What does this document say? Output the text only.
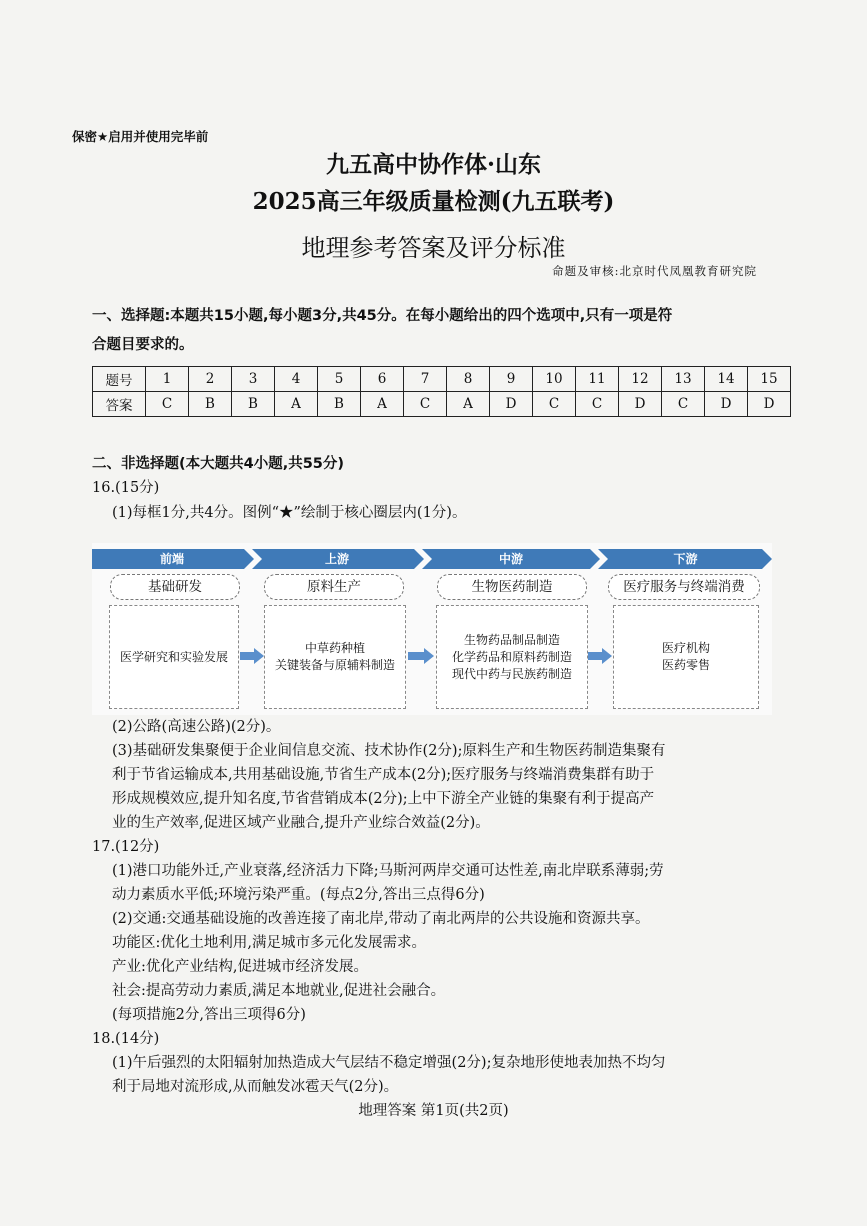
保密★启用并使用完毕前
九五高中协作体·山东
2025高三年级质量检测(九五联考)
地理参考答案及评分标准
命题及审核:北京时代凤凰教育研究院
一、选择题:本题共15小题,每小题3分,共45分。在每小题给出的四个选项中,只有一项是符
合题目要求的。
题号	1	2	3	4	5	6	7	8	9	10	11	12	13	14	15
答案	C	B	B	A	B	A	C	A	D	C	C	D	C	D	D
二、非选择题(本大题共4小题,共55分)
16.(15分)
(1)每框1分,共4分。图例“★”绘制于核心圈层内(1分)。
前端	上游	中游	下游
基础研发	原料生产	生物医药制造	医疗服务与终端消费
医学研究和实验发展
中草药种植
关键装备与原辅料制造
生物药品制品制造
化学药品和原料药制造
现代中药与民族药制造
医疗机构
医药零售
(2)公路(高速公路)(2分)。
(3)基础研发集聚便于企业间信息交流、技术协作(2分);原料生产和生物医药制造集聚有
利于节省运输成本,共用基础设施,节省生产成本(2分);医疗服务与终端消费集群有助于
形成规模效应,提升知名度,节省营销成本(2分);上中下游全产业链的集聚有利于提高产
业的生产效率,促进区域产业融合,提升产业综合效益(2分)。
17.(12分)
(1)港口功能外迁,产业衰落,经济活力下降;马斯河两岸交通可达性差,南北岸联系薄弱;劳
动力素质水平低;环境污染严重。(每点2分,答出三点得6分)
(2)交通:交通基础设施的改善连接了南北岸,带动了南北两岸的公共设施和资源共享。
功能区:优化土地利用,满足城市多元化发展需求。
产业:优化产业结构,促进城市经济发展。
社会:提高劳动力素质,满足本地就业,促进社会融合。
(每项措施2分,答出三项得6分)
18.(14分)
(1)午后强烈的太阳辐射加热造成大气层结不稳定增强(2分);复杂地形使地表加热不均匀
利于局地对流形成,从而触发冰雹天气(2分)。
地理答案 第1页(共2页)
